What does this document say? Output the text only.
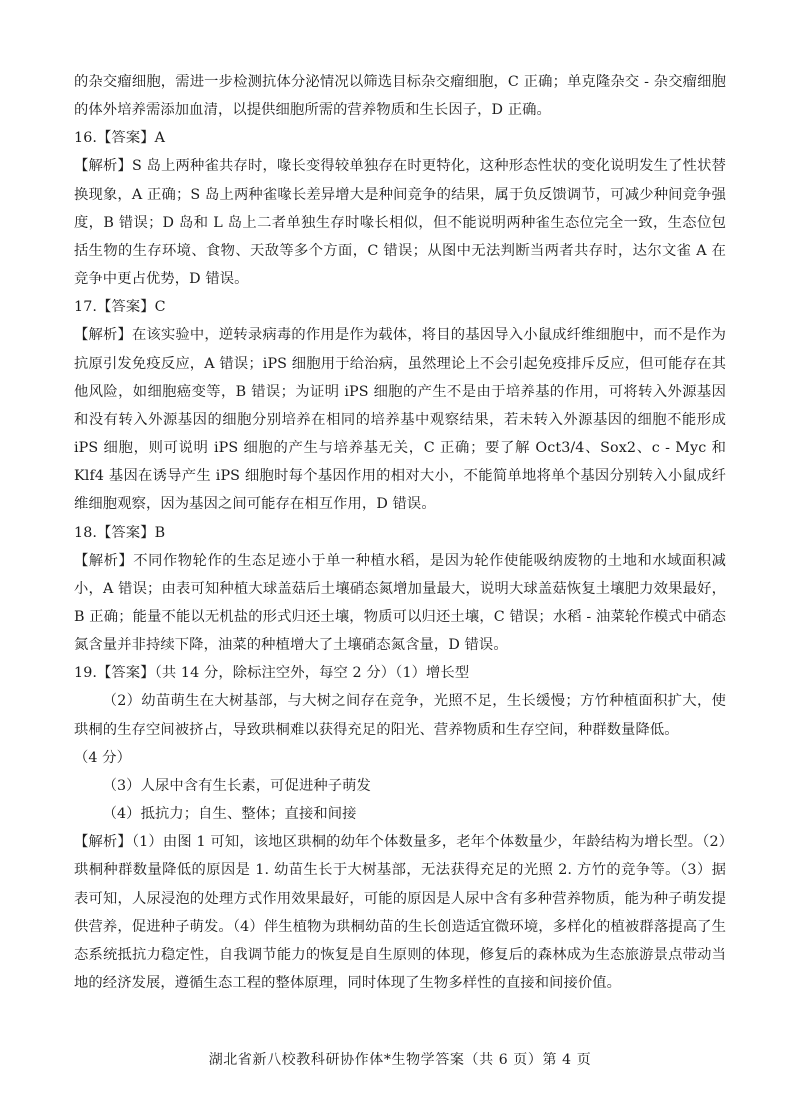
的杂交瘤细胞，需进一步检测抗体分泌情况以筛选目标杂交瘤细胞，C 正确；单克隆杂交 - 杂交瘤细胞的体外培养需添加血清，以提供细胞所需的营养物质和生长因子，D 正确。

16.【答案】A

【解析】S 岛上两种雀共存时，喙长变得较单独存在时更特化，这种形态性状的变化说明发生了性状替换现象，A 正确；S 岛上两种雀喙长差异增大是种间竞争的结果，属于负反馈调节，可减少种间竞争强度，B 错误；D 岛和 L 岛上二者单独生存时喙长相似，但不能说明两种雀生态位完全一致，生态位包括生物的生存环境、食物、天敌等多个方面，C 错误；从图中无法判断当两者共存时，达尔文雀 A 在竞争中更占优势，D 错误。

17.【答案】C

【解析】在该实验中，逆转录病毒的作用是作为载体，将目的基因导入小鼠成纤维细胞中，而不是作为抗原引发免疫反应，A 错误；iPS 细胞用于给治病，虽然理论上不会引起免疫排斥反应，但可能存在其他风险，如细胞癌变等，B 错误；为证明 iPS 细胞的产生不是由于培养基的作用，可将转入外源基因和没有转入外源基因的细胞分别培养在相同的培养基中观察结果，若未转入外源基因的细胞不能形成 iPS 细胞，则可说明 iPS 细胞的产生与培养基无关，C 正确；要了解 Oct3/4、Sox2、c - Myc 和 Klf4 基因在诱导产生 iPS 细胞时每个基因作用的相对大小，不能简单地将单个基因分别转入小鼠成纤维细胞观察，因为基因之间可能存在相互作用，D 错误。

18.【答案】B

【解析】不同作物轮作的生态足迹小于单一种植水稻，是因为轮作使能吸纳废物的土地和水域面积减小，A 错误；由表可知种植大球盖菇后土壤硝态氮增加量最大，说明大球盖菇恢复土壤肥力效果最好，B 正确；能量不能以无机盐的形式归还土壤，物质可以归还土壤，C 错误；水稻 - 油菜轮作模式中硝态氮含量并非持续下降，油菜的种植增大了土壤硝态氮含量，D 错误。

19.【答案】（共 14 分，除标注空外，每空 2 分）（1）增长型

（2）幼苗萌生在大树基部，与大树之间存在竞争，光照不足，生长缓慢；方竹种植面积扩大，使珙桐的生存空间被挤占，导致珙桐难以获得充足的阳光、营养物质和生存空间，种群数量降低。

（4 分）

（3）人尿中含有生长素，可促进种子萌发

（4）抵抗力；自生、整体；直接和间接

【解析】（1）由图 1 可知，该地区珙桐的幼年个体数量多，老年个体数量少，年龄结构为增长型。（2）珙桐种群数量降低的原因是 1. 幼苗生长于大树基部，无法获得充足的光照 2. 方竹的竞争等。（3）据表可知，人尿浸泡的处理方式作用效果最好，可能的原因是人尿中含有多种营养物质，能为种子萌发提供营养，促进种子萌发。（4）伴生植物为珙桐幼苗的生长创造适宜微环境，多样化的植被群落提高了生态系统抵抗力稳定性，自我调节能力的恢复是自生原则的体现，修复后的森林成为生态旅游景点带动当地的经济发展，遵循生态工程的整体原理，同时体现了生物多样性的直接和间接价值。

湖北省新八校教科研协作体*生物学答案（共 6 页）第 4 页
